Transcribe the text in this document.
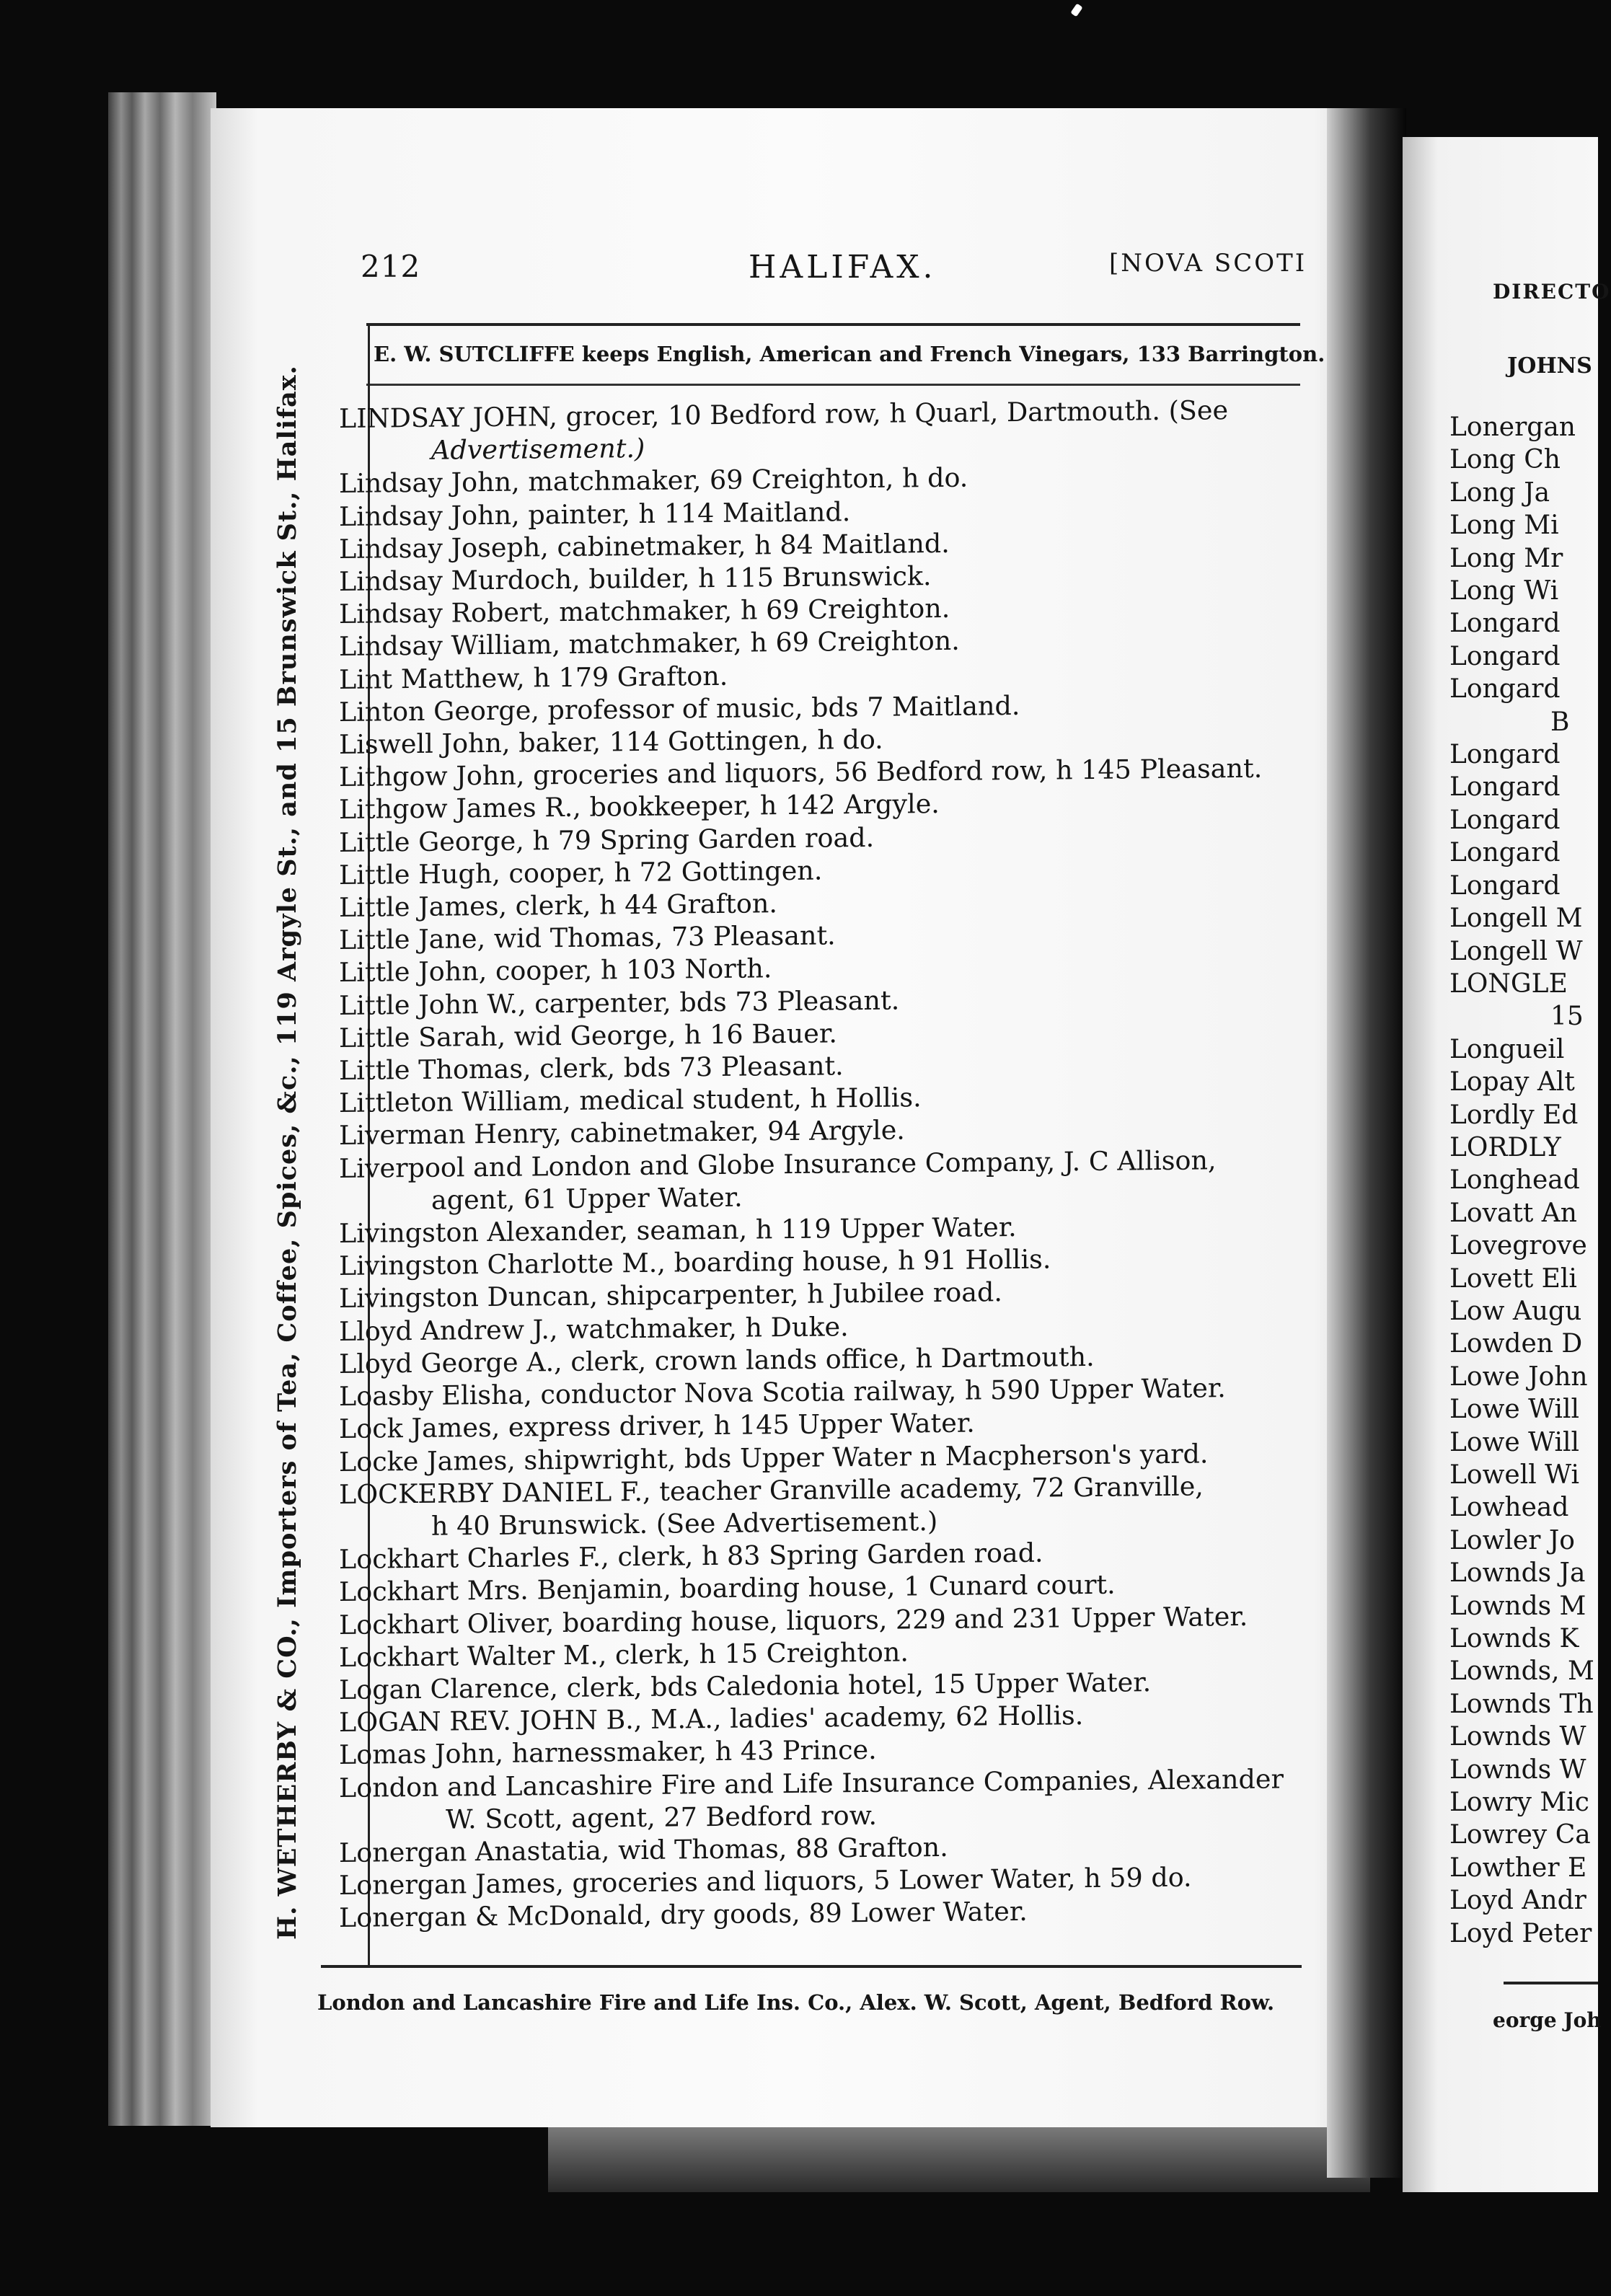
212	HALIFAX.	[NOVA SCOTI
E. W. SUTCLIFFE keeps English, American and French Vinegars, 133 Barrington.
H. WETHERBY & CO., Importers of Tea, Coffee, Spices, &c., 119 Argyle St., and 15 Brunswick St., Halifax.	LINDSAY JOHN, grocer, 10 Bedford row, h Quarl, Dartmouth. (See
Advertisement.)
Lindsay John, matchmaker, 69 Creighton, h do.
Lindsay John, painter, h 114 Maitland.
Lindsay Joseph, cabinetmaker, h 84 Maitland.
Lindsay Murdoch, builder, h 115 Brunswick.
Lindsay Robert, matchmaker, h 69 Creighton.
Lindsay William, matchmaker, h 69 Creighton.
Lint Matthew, h 179 Grafton.
Linton George, professor of music, bds 7 Maitland.
Liswell John, baker, 114 Gottingen, h do.
Lithgow John, groceries and liquors, 56 Bedford row, h 145 Pleasant.
Lithgow James R., bookkeeper, h 142 Argyle.
Little George, h 79 Spring Garden road.
Little Hugh, cooper, h 72 Gottingen.
Little James, clerk, h 44 Grafton.
Little Jane, wid Thomas, 73 Pleasant.
Little John, cooper, h 103 North.
Little John W., carpenter, bds 73 Pleasant.
Little Sarah, wid George, h 16 Bauer.
Little Thomas, clerk, bds 73 Pleasant.
Littleton William, medical student, h Hollis.
Liverman Henry, cabinetmaker, 94 Argyle.
Liverpool and London and Globe Insurance Company, J. C Allison,
agent, 61 Upper Water.
Livingston Alexander, seaman, h 119 Upper Water.
Livingston Charlotte M., boarding house, h 91 Hollis.
Livingston Duncan, shipcarpenter, h Jubilee road.
Lloyd Andrew J., watchmaker, h Duke.
Lloyd George A., clerk, crown lands office, h Dartmouth.
Loasby Elisha, conductor Nova Scotia railway, h 590 Upper Water.
Lock James, express driver, h 145 Upper Water.
Locke James, shipwright, bds Upper Water n Macpherson's yard.
LOCKERBY DANIEL F., teacher Granville academy, 72 Granville,
h 40 Brunswick. (See Advertisement.)
Lockhart Charles F., clerk, h 83 Spring Garden road.
Lockhart Mrs. Benjamin, boarding house, 1 Cunard court.
Lockhart Oliver, boarding house, liquors, 229 and 231 Upper Water.
Lockhart Walter M., clerk, h 15 Creighton.
Logan Clarence, clerk, bds Caledonia hotel, 15 Upper Water.
LOGAN REV. JOHN B., M.A., ladies' academy, 62 Hollis.
Lomas John, harnessmaker, h 43 Prince.
London and Lancashire Fire and Life Insurance Companies, Alexander
W. Scott, agent, 27 Bedford row.
Lonergan Anastatia, wid Thomas, 88 Grafton.
Lonergan James, groceries and liquors, 5 Lower Water, h 59 do.
Lonergan & McDonald, dry goods, 89 Lower Water.
London and Lancashire Fire and Life Ins. Co., Alex. W. Scott, Agent, Bedford Row.
DIRECTO
JOHNS
Lonergan
Long Ch
Long Ja
Long Mi
Long Mr
Long Wi
Longard
Longard
Longard
B
Longard
Longard
Longard
Longard
Longard
Longell M
Longell W
LONGLE
15
Longueil
Lopay Alt
Lordly Ed
LORDLY
Longhead
Lovatt An
Lovegrove
Lovett Eli
Low Augu
Lowden D
Lowe John
Lowe Will
Lowe Will
Lowell Wi
Lowhead
Lowler Jo
Lownds Ja
Lownds M
Lownds K
Lownds, M
Lownds Th
Lownds W
Lownds W
Lowry Mic
Lowrey Ca
Lowther E
Loyd Andr
Loyd Peter
eorge Joh
